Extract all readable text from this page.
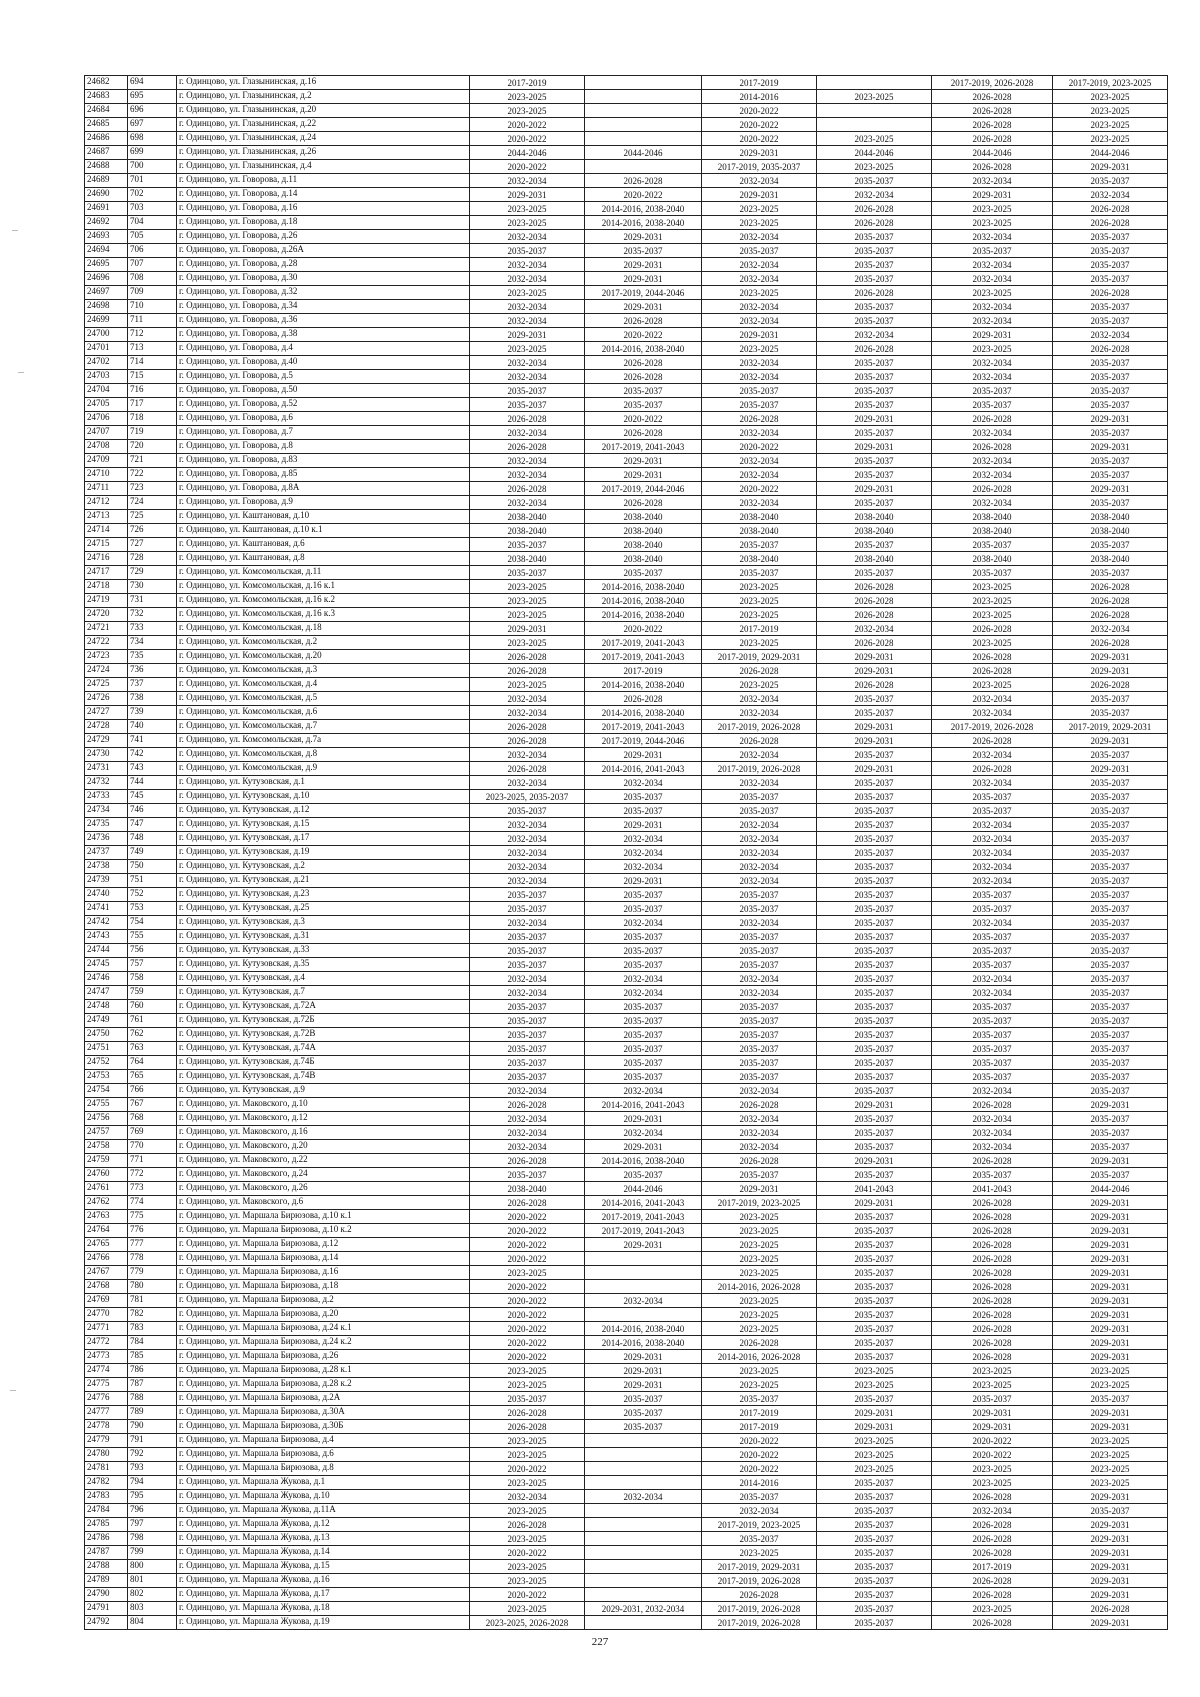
24682	694	г. Одинцово, ул. Глазынинская, д.16	2017-2019		2017-2019		2017-2019, 2026-2028	2017-2019, 2023-2025
24683	695	г. Одинцово, ул. Глазынинская, д.2	2023-2025		2014-2016	2023-2025	2026-2028	2023-2025
24684	696	г. Одинцово, ул. Глазынинская, д.20	2023-2025		2020-2022		2026-2028	2023-2025
24685	697	г. Одинцово, ул. Глазынинская, д.22	2020-2022		2020-2022		2026-2028	2023-2025
24686	698	г. Одинцово, ул. Глазынинская, д.24	2020-2022		2020-2022	2023-2025	2026-2028	2023-2025
24687	699	г. Одинцово, ул. Глазынинская, д.26	2044-2046	2044-2046	2029-2031	2044-2046	2044-2046	2044-2046
24688	700	г. Одинцово, ул. Глазынинская, д.4	2020-2022		2017-2019, 2035-2037	2023-2025	2026-2028	2029-2031
24689	701	г. Одинцово, ул. Говорова, д.11	2032-2034	2026-2028	2032-2034	2035-2037	2032-2034	2035-2037
24690	702	г. Одинцово, ул. Говорова, д.14	2029-2031	2020-2022	2029-2031	2032-2034	2029-2031	2032-2034
24691	703	г. Одинцово, ул. Говорова, д.16	2023-2025	2014-2016, 2038-2040	2023-2025	2026-2028	2023-2025	2026-2028
24692	704	г. Одинцово, ул. Говорова, д.18	2023-2025	2014-2016, 2038-2040	2023-2025	2026-2028	2023-2025	2026-2028
24693	705	г. Одинцово, ул. Говорова, д.26	2032-2034	2029-2031	2032-2034	2035-2037	2032-2034	2035-2037
24694	706	г. Одинцово, ул. Говорова, д.26А	2035-2037	2035-2037	2035-2037	2035-2037	2035-2037	2035-2037
24695	707	г. Одинцово, ул. Говорова, д.28	2032-2034	2029-2031	2032-2034	2035-2037	2032-2034	2035-2037
24696	708	г. Одинцово, ул. Говорова, д.30	2032-2034	2029-2031	2032-2034	2035-2037	2032-2034	2035-2037
24697	709	г. Одинцово, ул. Говорова, д.32	2023-2025	2017-2019, 2044-2046	2023-2025	2026-2028	2023-2025	2026-2028
24698	710	г. Одинцово, ул. Говорова, д.34	2032-2034	2029-2031	2032-2034	2035-2037	2032-2034	2035-2037
24699	711	г. Одинцово, ул. Говорова, д.36	2032-2034	2026-2028	2032-2034	2035-2037	2032-2034	2035-2037
24700	712	г. Одинцово, ул. Говорова, д.38	2029-2031	2020-2022	2029-2031	2032-2034	2029-2031	2032-2034
24701	713	г. Одинцово, ул. Говорова, д.4	2023-2025	2014-2016, 2038-2040	2023-2025	2026-2028	2023-2025	2026-2028
24702	714	г. Одинцово, ул. Говорова, д.40	2032-2034	2026-2028	2032-2034	2035-2037	2032-2034	2035-2037
24703	715	г. Одинцово, ул. Говорова, д.5	2032-2034	2026-2028	2032-2034	2035-2037	2032-2034	2035-2037
24704	716	г. Одинцово, ул. Говорова, д.50	2035-2037	2035-2037	2035-2037	2035-2037	2035-2037	2035-2037
24705	717	г. Одинцово, ул. Говорова, д.52	2035-2037	2035-2037	2035-2037	2035-2037	2035-2037	2035-2037
24706	718	г. Одинцово, ул. Говорова, д.6	2026-2028	2020-2022	2026-2028	2029-2031	2026-2028	2029-2031
24707	719	г. Одинцово, ул. Говорова, д.7	2032-2034	2026-2028	2032-2034	2035-2037	2032-2034	2035-2037
24708	720	г. Одинцово, ул. Говорова, д.8	2026-2028	2017-2019, 2041-2043	2020-2022	2029-2031	2026-2028	2029-2031
24709	721	г. Одинцово, ул. Говорова, д.83	2032-2034	2029-2031	2032-2034	2035-2037	2032-2034	2035-2037
24710	722	г. Одинцово, ул. Говорова, д.85	2032-2034	2029-2031	2032-2034	2035-2037	2032-2034	2035-2037
24711	723	г. Одинцово, ул. Говорова, д.8А	2026-2028	2017-2019, 2044-2046	2020-2022	2029-2031	2026-2028	2029-2031
24712	724	г. Одинцово, ул. Говорова, д.9	2032-2034	2026-2028	2032-2034	2035-2037	2032-2034	2035-2037
24713	725	г. Одинцово, ул. Каштановая, д.10	2038-2040	2038-2040	2038-2040	2038-2040	2038-2040	2038-2040
24714	726	г. Одинцово, ул. Каштановая, д.10 к.1	2038-2040	2038-2040	2038-2040	2038-2040	2038-2040	2038-2040
24715	727	г. Одинцово, ул. Каштановая, д.6	2035-2037	2038-2040	2035-2037	2035-2037	2035-2037	2035-2037
24716	728	г. Одинцово, ул. Каштановая, д.8	2038-2040	2038-2040	2038-2040	2038-2040	2038-2040	2038-2040
24717	729	г. Одинцово, ул. Комсомольская, д.11	2035-2037	2035-2037	2035-2037	2035-2037	2035-2037	2035-2037
24718	730	г. Одинцово, ул. Комсомольская, д.16 к.1	2023-2025	2014-2016, 2038-2040	2023-2025	2026-2028	2023-2025	2026-2028
24719	731	г. Одинцово, ул. Комсомольская, д.16 к.2	2023-2025	2014-2016, 2038-2040	2023-2025	2026-2028	2023-2025	2026-2028
24720	732	г. Одинцово, ул. Комсомольская, д.16 к.3	2023-2025	2014-2016, 2038-2040	2023-2025	2026-2028	2023-2025	2026-2028
24721	733	г. Одинцово, ул. Комсомольская, д.18	2029-2031	2020-2022	2017-2019	2032-2034	2026-2028	2032-2034
24722	734	г. Одинцово, ул. Комсомольская, д.2	2023-2025	2017-2019, 2041-2043	2023-2025	2026-2028	2023-2025	2026-2028
24723	735	г. Одинцово, ул. Комсомольская, д.20	2026-2028	2017-2019, 2041-2043	2017-2019, 2029-2031	2029-2031	2026-2028	2029-2031
24724	736	г. Одинцово, ул. Комсомольская, д.3	2026-2028	2017-2019	2026-2028	2029-2031	2026-2028	2029-2031
24725	737	г. Одинцово, ул. Комсомольская, д.4	2023-2025	2014-2016, 2038-2040	2023-2025	2026-2028	2023-2025	2026-2028
24726	738	г. Одинцово, ул. Комсомольская, д.5	2032-2034	2026-2028	2032-2034	2035-2037	2032-2034	2035-2037
24727	739	г. Одинцово, ул. Комсомольская, д.6	2032-2034	2014-2016, 2038-2040	2032-2034	2035-2037	2032-2034	2035-2037
24728	740	г. Одинцово, ул. Комсомольская, д.7	2026-2028	2017-2019, 2041-2043	2017-2019, 2026-2028	2029-2031	2017-2019, 2026-2028	2017-2019, 2029-2031
24729	741	г. Одинцово, ул. Комсомольская, д.7а	2026-2028	2017-2019, 2044-2046	2026-2028	2029-2031	2026-2028	2029-2031
24730	742	г. Одинцово, ул. Комсомольская, д.8	2032-2034	2029-2031	2032-2034	2035-2037	2032-2034	2035-2037
24731	743	г. Одинцово, ул. Комсомольская, д.9	2026-2028	2014-2016, 2041-2043	2017-2019, 2026-2028	2029-2031	2026-2028	2029-2031
24732	744	г. Одинцово, ул. Кутузовская, д.1	2032-2034	2032-2034	2032-2034	2035-2037	2032-2034	2035-2037
24733	745	г. Одинцово, ул. Кутузовская, д.10	2023-2025, 2035-2037	2035-2037	2035-2037	2035-2037	2035-2037	2035-2037
24734	746	г. Одинцово, ул. Кутузовская, д.12	2035-2037	2035-2037	2035-2037	2035-2037	2035-2037	2035-2037
24735	747	г. Одинцово, ул. Кутузовская, д.15	2032-2034	2029-2031	2032-2034	2035-2037	2032-2034	2035-2037
24736	748	г. Одинцово, ул. Кутузовская, д.17	2032-2034	2032-2034	2032-2034	2035-2037	2032-2034	2035-2037
24737	749	г. Одинцово, ул. Кутузовская, д.19	2032-2034	2032-2034	2032-2034	2035-2037	2032-2034	2035-2037
24738	750	г. Одинцово, ул. Кутузовская, д.2	2032-2034	2032-2034	2032-2034	2035-2037	2032-2034	2035-2037
24739	751	г. Одинцово, ул. Кутузовская, д.21	2032-2034	2029-2031	2032-2034	2035-2037	2032-2034	2035-2037
24740	752	г. Одинцово, ул. Кутузовская, д.23	2035-2037	2035-2037	2035-2037	2035-2037	2035-2037	2035-2037
24741	753	г. Одинцово, ул. Кутузовская, д.25	2035-2037	2035-2037	2035-2037	2035-2037	2035-2037	2035-2037
24742	754	г. Одинцово, ул. Кутузовская, д.3	2032-2034	2032-2034	2032-2034	2035-2037	2032-2034	2035-2037
24743	755	г. Одинцово, ул. Кутузовская, д.31	2035-2037	2035-2037	2035-2037	2035-2037	2035-2037	2035-2037
24744	756	г. Одинцово, ул. Кутузовская, д.33	2035-2037	2035-2037	2035-2037	2035-2037	2035-2037	2035-2037
24745	757	г. Одинцово, ул. Кутузовская, д.35	2035-2037	2035-2037	2035-2037	2035-2037	2035-2037	2035-2037
24746	758	г. Одинцово, ул. Кутузовская, д.4	2032-2034	2032-2034	2032-2034	2035-2037	2032-2034	2035-2037
24747	759	г. Одинцово, ул. Кутузовская, д.7	2032-2034	2032-2034	2032-2034	2035-2037	2032-2034	2035-2037
24748	760	г. Одинцово, ул. Кутузовская, д.72А	2035-2037	2035-2037	2035-2037	2035-2037	2035-2037	2035-2037
24749	761	г. Одинцово, ул. Кутузовская, д.72Б	2035-2037	2035-2037	2035-2037	2035-2037	2035-2037	2035-2037
24750	762	г. Одинцово, ул. Кутузовская, д.72В	2035-2037	2035-2037	2035-2037	2035-2037	2035-2037	2035-2037
24751	763	г. Одинцово, ул. Кутузовская, д.74А	2035-2037	2035-2037	2035-2037	2035-2037	2035-2037	2035-2037
24752	764	г. Одинцово, ул. Кутузовская, д.74Б	2035-2037	2035-2037	2035-2037	2035-2037	2035-2037	2035-2037
24753	765	г. Одинцово, ул. Кутузовская, д.74В	2035-2037	2035-2037	2035-2037	2035-2037	2035-2037	2035-2037
24754	766	г. Одинцово, ул. Кутузовская, д.9	2032-2034	2032-2034	2032-2034	2035-2037	2032-2034	2035-2037
24755	767	г. Одинцово, ул. Маковского, д.10	2026-2028	2014-2016, 2041-2043	2026-2028	2029-2031	2026-2028	2029-2031
24756	768	г. Одинцово, ул. Маковского, д.12	2032-2034	2029-2031	2032-2034	2035-2037	2032-2034	2035-2037
24757	769	г. Одинцово, ул. Маковского, д.16	2032-2034	2032-2034	2032-2034	2035-2037	2032-2034	2035-2037
24758	770	г. Одинцово, ул. Маковского, д.20	2032-2034	2029-2031	2032-2034	2035-2037	2032-2034	2035-2037
24759	771	г. Одинцово, ул. Маковского, д.22	2026-2028	2014-2016, 2038-2040	2026-2028	2029-2031	2026-2028	2029-2031
24760	772	г. Одинцово, ул. Маковского, д.24	2035-2037	2035-2037	2035-2037	2035-2037	2035-2037	2035-2037
24761	773	г. Одинцово, ул. Маковского, д.26	2038-2040	2044-2046	2029-2031	2041-2043	2041-2043	2044-2046
24762	774	г. Одинцово, ул. Маковского, д.6	2026-2028	2014-2016, 2041-2043	2017-2019, 2023-2025	2029-2031	2026-2028	2029-2031
24763	775	г. Одинцово, ул. Маршала Бирюзова, д.10 к.1	2020-2022	2017-2019, 2041-2043	2023-2025	2035-2037	2026-2028	2029-2031
24764	776	г. Одинцово, ул. Маршала Бирюзова, д.10 к.2	2020-2022	2017-2019, 2041-2043	2023-2025	2035-2037	2026-2028	2029-2031
24765	777	г. Одинцово, ул. Маршала Бирюзова, д.12	2020-2022	2029-2031	2023-2025	2035-2037	2026-2028	2029-2031
24766	778	г. Одинцово, ул. Маршала Бирюзова, д.14	2020-2022		2023-2025	2035-2037	2026-2028	2029-2031
24767	779	г. Одинцово, ул. Маршала Бирюзова, д.16	2023-2025		2023-2025	2035-2037	2026-2028	2029-2031
24768	780	г. Одинцово, ул. Маршала Бирюзова, д.18	2020-2022		2014-2016, 2026-2028	2035-2037	2026-2028	2029-2031
24769	781	г. Одинцово, ул. Маршала Бирюзова, д.2	2020-2022	2032-2034	2023-2025	2035-2037	2026-2028	2029-2031
24770	782	г. Одинцово, ул. Маршала Бирюзова, д.20	2020-2022		2023-2025	2035-2037	2026-2028	2029-2031
24771	783	г. Одинцово, ул. Маршала Бирюзова, д.24 к.1	2020-2022	2014-2016, 2038-2040	2023-2025	2035-2037	2026-2028	2029-2031
24772	784	г. Одинцово, ул. Маршала Бирюзова, д.24 к.2	2020-2022	2014-2016, 2038-2040	2026-2028	2035-2037	2026-2028	2029-2031
24773	785	г. Одинцово, ул. Маршала Бирюзова, д.26	2020-2022	2029-2031	2014-2016, 2026-2028	2035-2037	2026-2028	2029-2031
24774	786	г. Одинцово, ул. Маршала Бирюзова, д.28 к.1	2023-2025	2029-2031	2023-2025	2023-2025	2023-2025	2023-2025
24775	787	г. Одинцово, ул. Маршала Бирюзова, д.28 к.2	2023-2025	2029-2031	2023-2025	2023-2025	2023-2025	2023-2025
24776	788	г. Одинцово, ул. Маршала Бирюзова, д.2А	2035-2037	2035-2037	2035-2037	2035-2037	2035-2037	2035-2037
24777	789	г. Одинцово, ул. Маршала Бирюзова, д.30А	2026-2028	2035-2037	2017-2019	2029-2031	2029-2031	2029-2031
24778	790	г. Одинцово, ул. Маршала Бирюзова, д.30Б	2026-2028	2035-2037	2017-2019	2029-2031	2029-2031	2029-2031
24779	791	г. Одинцово, ул. Маршала Бирюзова, д.4	2023-2025		2020-2022	2023-2025	2020-2022	2023-2025
24780	792	г. Одинцово, ул. Маршала Бирюзова, д.6	2023-2025		2020-2022	2023-2025	2020-2022	2023-2025
24781	793	г. Одинцово, ул. Маршала Бирюзова, д.8	2020-2022		2020-2022	2023-2025	2023-2025	2023-2025
24782	794	г. Одинцово, ул. Маршала Жукова, д.1	2023-2025		2014-2016	2035-2037	2023-2025	2023-2025
24783	795	г. Одинцово, ул. Маршала Жукова, д.10	2032-2034	2032-2034	2035-2037	2035-2037	2026-2028	2029-2031
24784	796	г. Одинцово, ул. Маршала Жукова, д.11А	2023-2025		2032-2034	2035-2037	2032-2034	2035-2037
24785	797	г. Одинцово, ул. Маршала Жукова, д.12	2026-2028		2017-2019, 2023-2025	2035-2037	2026-2028	2029-2031
24786	798	г. Одинцово, ул. Маршала Жукова, д.13	2023-2025		2035-2037	2035-2037	2026-2028	2029-2031
24787	799	г. Одинцово, ул. Маршала Жукова, д.14	2020-2022		2023-2025	2035-2037	2026-2028	2029-2031
24788	800	г. Одинцово, ул. Маршала Жукова, д.15	2023-2025		2017-2019, 2029-2031	2035-2037	2017-2019	2029-2031
24789	801	г. Одинцово, ул. Маршала Жукова, д.16	2023-2025		2017-2019, 2026-2028	2035-2037	2026-2028	2029-2031
24790	802	г. Одинцово, ул. Маршала Жукова, д.17	2020-2022		2026-2028	2035-2037	2026-2028	2029-2031
24791	803	г. Одинцово, ул. Маршала Жукова, д.18	2023-2025	2029-2031, 2032-2034	2017-2019, 2026-2028	2035-2037	2023-2025	2026-2028
24792	804	г. Одинцово, ул. Маршала Жукова, д.19	2023-2025, 2026-2028		2017-2019, 2026-2028	2035-2037	2026-2028	2029-2031
227
